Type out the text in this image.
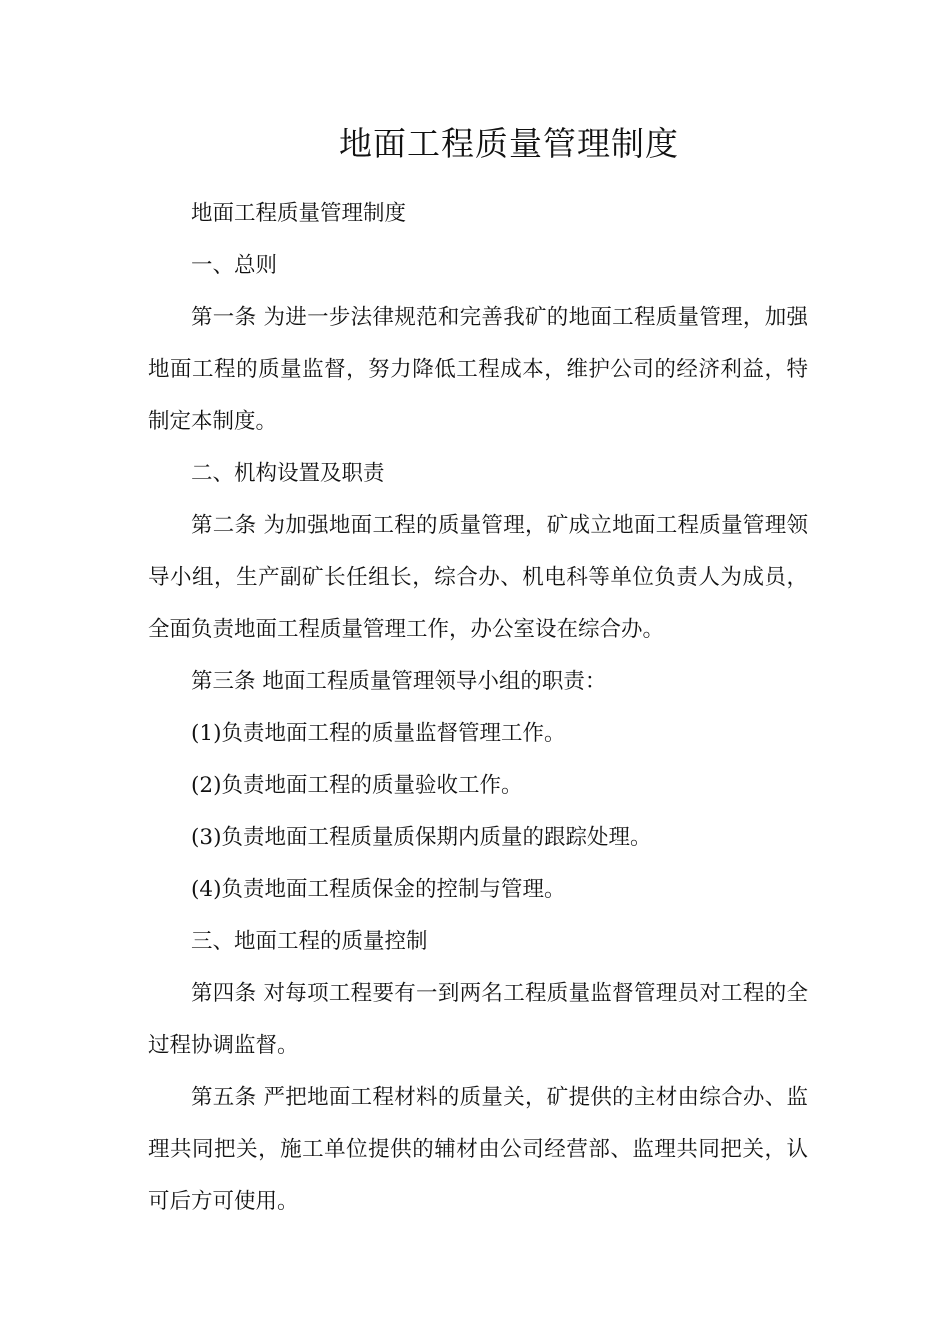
地面工程质量管理制度

地面工程质量管理制度

一、总则

第一条 为进一步法律规范和完善我矿的地面工程质量管理，加强地面工程的质量监督，努力降低工程成本，维护公司的经济利益，特制定本制度。

二、机构设置及职责

第二条 为加强地面工程的质量管理，矿成立地面工程质量管理领导小组，生产副矿长任组长，综合办、机电科等单位负责人为成员，全面负责地面工程质量管理工作，办公室设在综合办。

第三条 地面工程质量管理领导小组的职责：

(1)负责地面工程的质量监督管理工作。

(2)负责地面工程的质量验收工作。

(3)负责地面工程质量质保期内质量的跟踪处理。

(4)负责地面工程质保金的控制与管理。

三、地面工程的质量控制

第四条 对每项工程要有一到两名工程质量监督管理员对工程的全过程协调监督。

第五条 严把地面工程材料的质量关，矿提供的主材由综合办、监理共同把关，施工单位提供的辅材由公司经营部、监理共同把关，认可后方可使用。
